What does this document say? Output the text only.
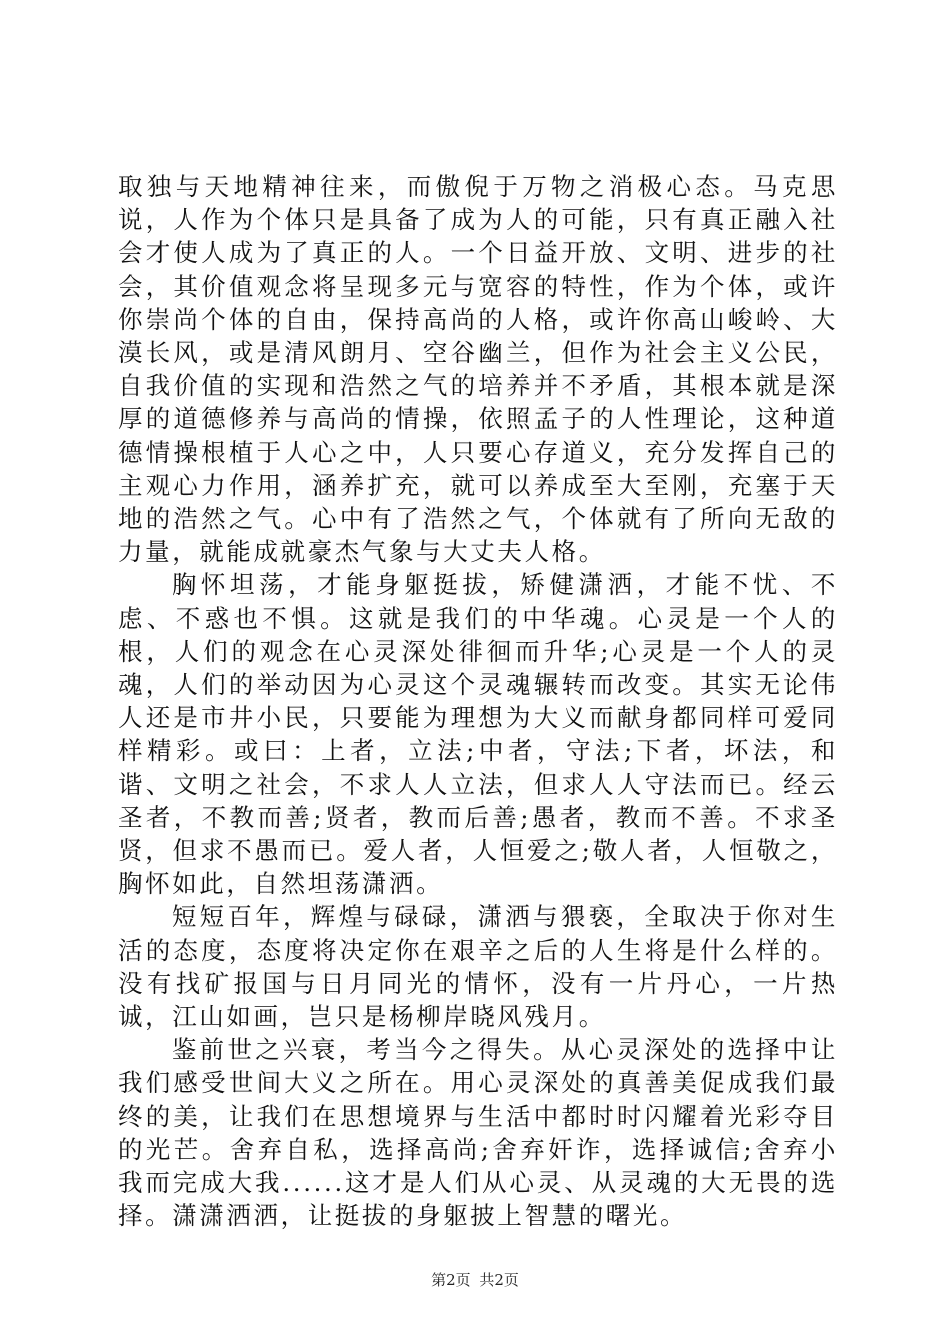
取独与天地精神往来，而傲倪于万物之消极心态。马克思说，人作为个体只是具备了成为人的可能，只有真正融入社会才使人成为了真正的人。一个日益开放、文明、进步的社会，其价值观念将呈现多元与宽容的特性，作为个体，或许你崇尚个体的自由，保持高尚的人格，或许你高山峻岭、大漠长风，或是清风朗月、空谷幽兰，但作为社会主义公民，自我价值的实现和浩然之气的培养并不矛盾，其根本就是深厚的道德修养与高尚的情操，依照孟子的人性理论，这种道德情操根植于人心之中，人只要心存道义，充分发挥自己的主观心力作用，涵养扩充，就可以养成至大至刚，充塞于天地的浩然之气。心中有了浩然之气，个体就有了所向无敌的力量，就能成就豪杰气象与大丈夫人格。

胸怀坦荡，才能身躯挺拔，矫健潇洒，才能不忧、不虑、不惑也不惧。这就是我们的中华魂。心灵是一个人的根，人们的观念在心灵深处徘徊而升华;心灵是一个人的灵魂，人们的举动因为心灵这个灵魂辗转而改变。其实无论伟人还是市井小民，只要能为理想为大义而献身都同样可爱同样精彩。或曰：上者，立法;中者，守法;下者，坏法，和谐、文明之社会，不求人人立法，但求人人守法而已。经云圣者，不教而善;贤者，教而后善;愚者，教而不善。不求圣贤，但求不愚而已。爱人者，人恒爱之;敬人者，人恒敬之，胸怀如此，自然坦荡潇洒。

短短百年，辉煌与碌碌，潇洒与猥亵，全取决于你对生活的态度，态度将决定你在艰辛之后的人生将是什么样的。没有找矿报国与日月同光的情怀，没有一片丹心，一片热诚，江山如画，岂只是杨柳岸晓风残月。

鉴前世之兴衰，考当今之得失。从心灵深处的选择中让我们感受世间大义之所在。用心灵深处的真善美促成我们最终的美，让我们在思想境界与生活中都时时闪耀着光彩夺目的光芒。舍弃自私，选择高尚;舍弃奸诈，选择诚信;舍弃小我而完成大我......这才是人们从心灵、从灵魂的大无畏的选择。潇潇洒洒，让挺拔的身躯披上智慧的曙光。

第2页 共2页
